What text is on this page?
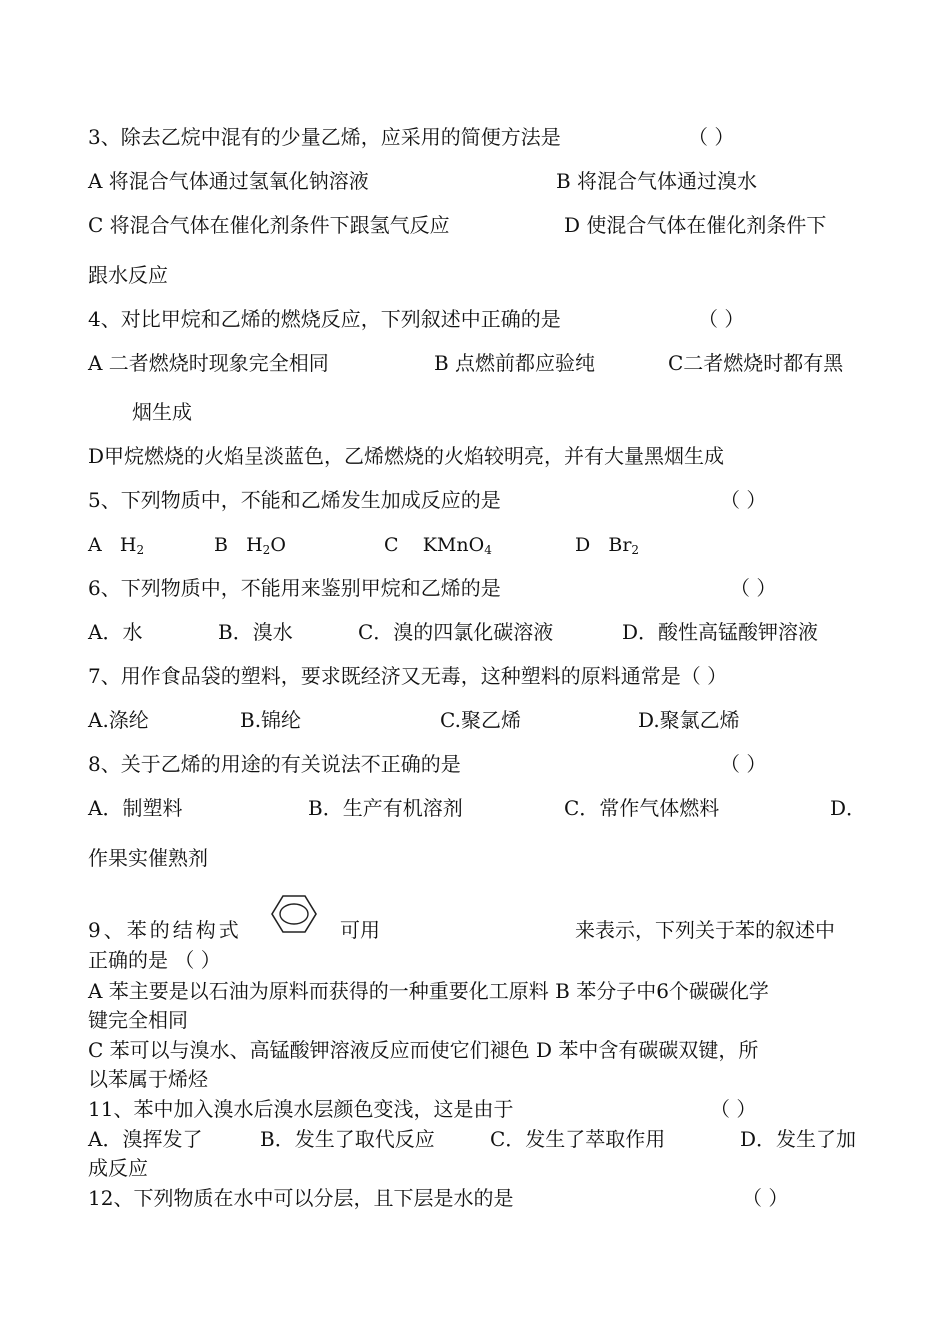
3、除去乙烷中混有的少量乙烯，应采用的简便方法是	（ ）
A 将混合气体通过氢氧化钠溶液	B 将混合气体通过溴水
C 将混合气体在催化剂条件下跟氢气反应	D 使混合气体在催化剂条件下
跟水反应
4、对比甲烷和乙烯的燃烧反应，下列叙述中正确的是	（ ）
A 二者燃烧时现象完全相同	B 点燃前都应验纯	C二者燃烧时都有黑
烟生成
D甲烷燃烧的火焰呈淡蓝色，乙烯燃烧的火焰较明亮，并有大量黑烟生成
5、下列物质中，不能和乙烯发生加成反应的是	（ ）
A $H_2$	B $H_2O$	C KMnO$_4$	D $Br_2$
6、下列物质中，不能用来鉴别甲烷和乙烯的是	（ ）
A．水	B．溴水	C．溴的四氯化碳溶液	D．酸性高锰酸钾溶液
7、用作食品袋的塑料，要求既经济又无毒，这种塑料的原料通常是（ ）
A.涤纶	B.锦纶	C.聚乙烯	D.聚氯乙烯
8、关于乙烯的用途的有关说法不正确的是	（ ）
A．制塑料	B．生产有机溶剂	C．常作气体燃料	D．
作果实催熟剂
9、苯的结构式	可用	来表示，下列关于苯的叙述中
正确的是 （ ）
A 苯主要是以石油为原料而获得的一种重要化工原料 B 苯分子中6个碳碳化学
键完全相同
C 苯可以与溴水、高锰酸钾溶液反应而使它们褪色 D 苯中含有碳碳双键，所
以苯属于烯烃
11、苯中加入溴水后溴水层颜色变浅，这是由于	（ ）
A．溴挥发了	B．发生了取代反应	C．发生了萃取作用	D．发生了加
成反应
12、下列物质在水中可以分层，且下层是水的是	（ ）
